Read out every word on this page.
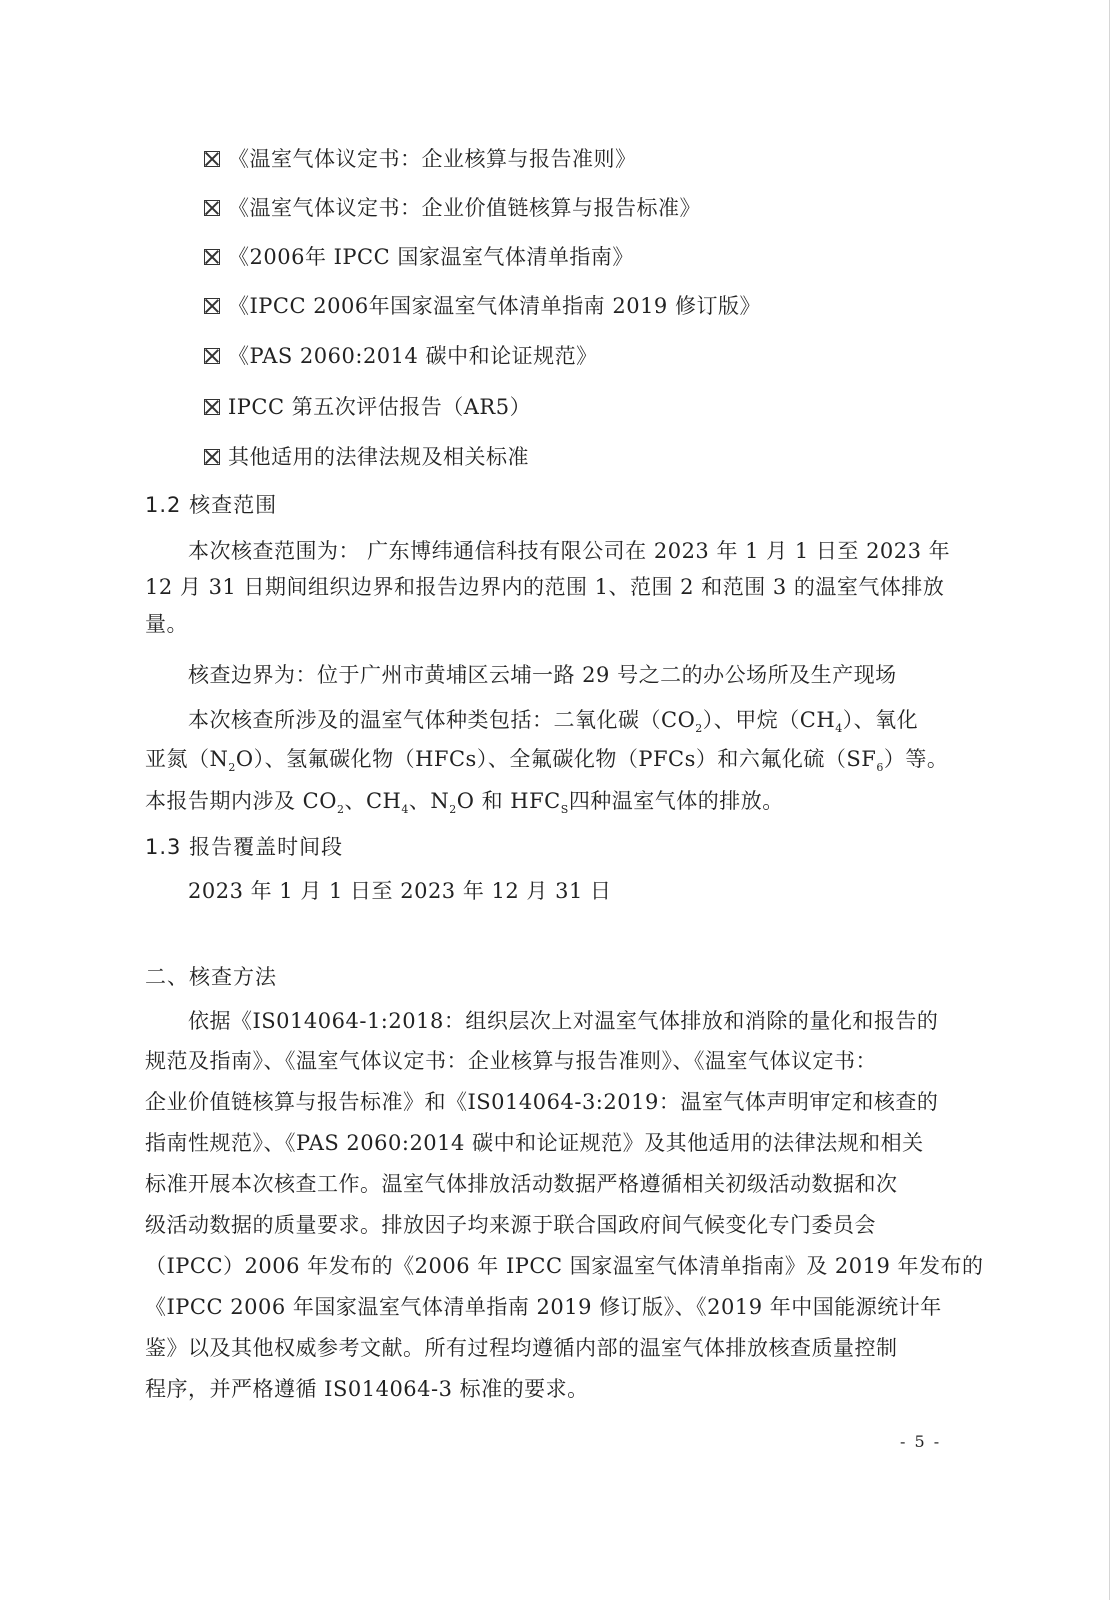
《温室气体议定书：企业核算与报告准则》
《温室气体议定书：企业价值链核算与报告标准》
《2006年 IPCC 国家温室气体清单指南》
《IPCC 2006年国家温室气体清单指南 2019 修订版》
《PAS 2060:2014 碳中和论证规范》
IPCC 第五次评估报告（AR5）
其他适用的法律法规及相关标准
1.2 核查范围
本次核查范围为： 广东博纬通信科技有限公司在 2023 年 1 月 1 日至 2023 年
12 月 31 日期间组织边界和报告边界内的范围 1、范围 2 和范围 3 的温室气体排放
量。
核查边界为：位于广州市黄埔区云埔一路 29 号之二的办公场所及生产现场
本次核查所涉及的温室气体种类包括：二氧化碳$(CO_2)$、甲烷$(CH_4)$、氧化
亚氮$(N_2O)$、氢氟碳化物（HFCs）、全氟碳化物（PFCs）和六氟化硫$(SF_6)$等。
本报告期内涉及 $CO_2$、$CH_4$、$N_2O$ 和 $HFC_S$四种温室气体的排放。
1.3 报告覆盖时间段
2023 年 1 月 1 日至 2023 年 12 月 31 日
二、核查方法
依据《IS014064-1:2018：组织层次上对温室气体排放和消除的量化和报告的
规范及指南》、《温室气体议定书：企业核算与报告准则》、《温室气体议定书：
企业价值链核算与报告标准》和《IS014064-3:2019：温室气体声明审定和核查的
指南性规范》、《PAS 2060:2014 碳中和论证规范》及其他适用的法律法规和相关
标准开展本次核查工作。温室气体排放活动数据严格遵循相关初级活动数据和次
级活动数据的质量要求。排放因子均来源于联合国政府间气候变化专门委员会
（IPCC）2006 年发布的《2006 年 IPCC 国家温室气体清单指南》及 2019 年发布的
《IPCC 2006 年国家温室气体清单指南 2019 修订版》、《2019 年中国能源统计年
鉴》以及其他权威参考文献。所有过程均遵循内部的温室气体排放核查质量控制
程序，并严格遵循 IS014064-3 标准的要求。
- 5 -
